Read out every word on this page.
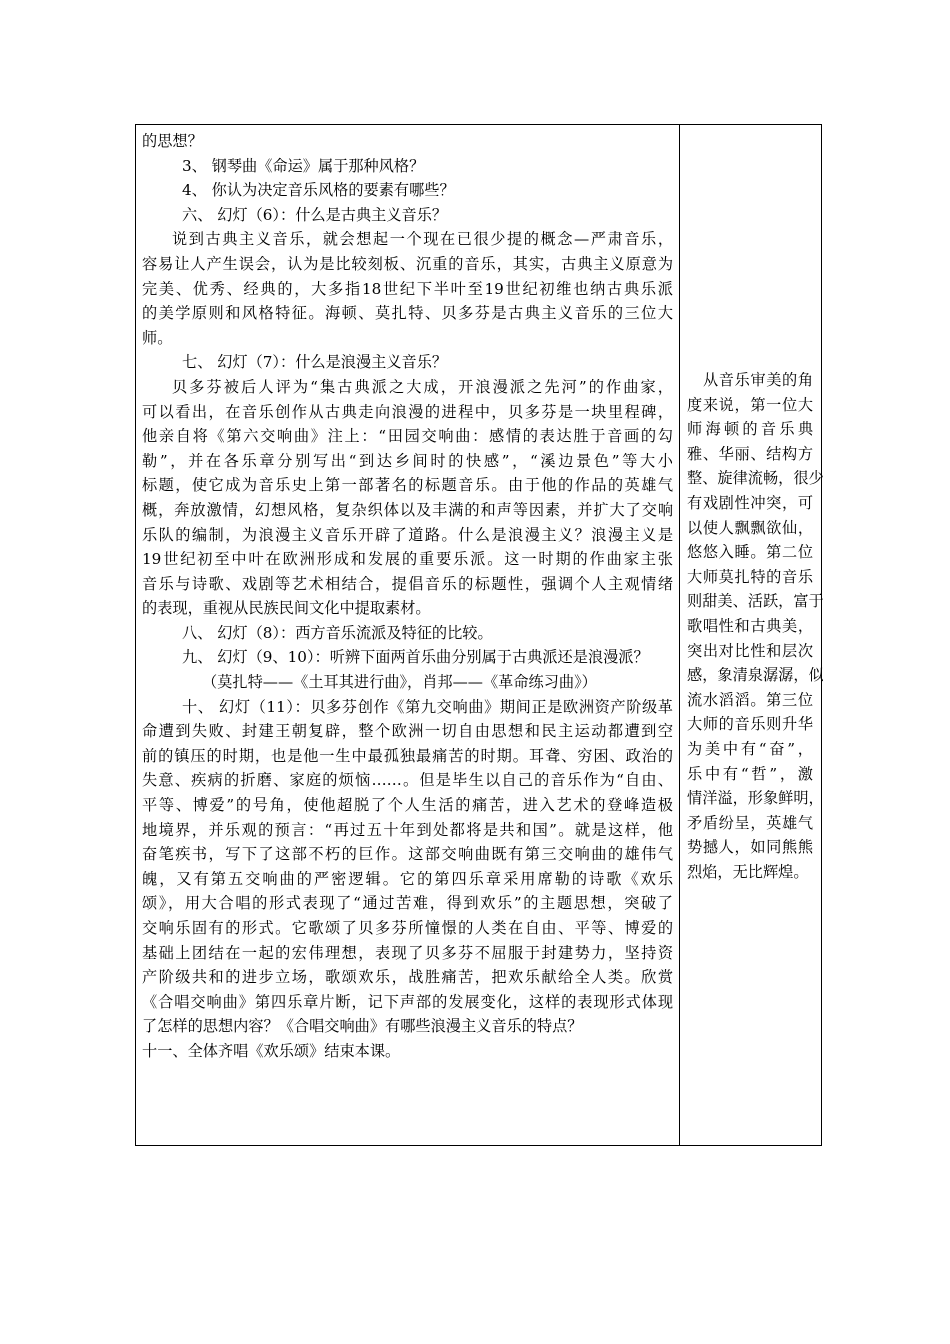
的思想？
3、 钢琴曲《命运》属于那种风格？
4、 你认为决定音乐风格的要素有哪些？
六、 幻灯（6）：什么是古典主义音乐？
说到古典主义音乐，就会想起一个现在已很少提的概念—严肃音乐，
容易让人产生误会，认为是比较刻板、沉重的音乐，其实，古典主义原意为
完美、优秀、经典的，大多指18世纪下半叶至19世纪初维也纳古典乐派
的美学原则和风格特征。海顿、莫扎特、贝多芬是古典主义音乐的三位大
师。
七、 幻灯（7）：什么是浪漫主义音乐？
贝多芬被后人评为“集古典派之大成，开浪漫派之先河”的作曲家，
可以看出，在音乐创作从古典走向浪漫的进程中，贝多芬是一块里程碑，
他亲自将《第六交响曲》注上：“田园交响曲：感情的表达胜于音画的勾
勒”，并在各乐章分别写出“到达乡间时的快感”，“溪边景色”等大小
标题，使它成为音乐史上第一部著名的标题音乐。由于他的作品的英雄气
概，奔放激情，幻想风格，复杂织体以及丰满的和声等因素，并扩大了交响
乐队的编制，为浪漫主义音乐开辟了道路。什么是浪漫主义？浪漫主义是
19世纪初至中叶在欧洲形成和发展的重要乐派。这一时期的作曲家主张
音乐与诗歌、戏剧等艺术相结合，提倡音乐的标题性，强调个人主观情绪
的表现，重视从民族民间文化中提取素材。
八、 幻灯（8）：西方音乐流派及特征的比较。
九、 幻灯（9、10）：听辨下面两首乐曲分别属于古典派还是浪漫派？
（莫扎特——《土耳其进行曲》，肖邦——《革命练习曲》）
十、 幻灯（11）：贝多芬创作《第九交响曲》期间正是欧洲资产阶级革
命遭到失败、封建王朝复辟，整个欧洲一切自由思想和民主运动都遭到空
前的镇压的时期，也是他一生中最孤独最痛苦的时期。耳聋、穷困、政治的
失意、疾病的折磨、家庭的烦恼……。但是毕生以自己的音乐作为“自由、
平等、博爱”的号角，使他超脱了个人生活的痛苦，进入艺术的登峰造极
地境界，并乐观的预言：“再过五十年到处都将是共和国”。就是这样，他
奋笔疾书，写下了这部不朽的巨作。这部交响曲既有第三交响曲的雄伟气
魄，又有第五交响曲的严密逻辑。它的第四乐章采用席勒的诗歌《欢乐
颂》，用大合唱的形式表现了“通过苦难，得到欢乐”的主题思想，突破了
交响乐固有的形式。它歌颂了贝多芬所憧憬的人类在自由、平等、博爱的
基础上团结在一起的宏伟理想，表现了贝多芬不屈服于封建势力，坚持资
产阶级共和的进步立场，歌颂欢乐，战胜痛苦，把欢乐献给全人类。欣赏
《合唱交响曲》第四乐章片断，记下声部的发展变化，这样的表现形式体现
了怎样的思想内容？《合唱交响曲》有哪些浪漫主义音乐的特点？
十一、全体齐唱《欢乐颂》结束本课。
从音乐审美的角
度来说，第一位大
师海顿的音乐典
雅、华丽、结构方
整、旋律流畅，很少
有戏剧性冲突，可
以使人飘飘欲仙，
悠悠入睡。第二位
大师莫扎特的音乐
则甜美、活跃，富于
歌唱性和古典美，
突出对比性和层次
感，象清泉潺潺，似
流水滔滔。第三位
大师的音乐则升华
为美中有“奋”，
乐中有“哲”，激
情洋溢，形象鲜明，
矛盾纷呈，英雄气
势撼人，如同熊熊
烈焰，无比辉煌。
